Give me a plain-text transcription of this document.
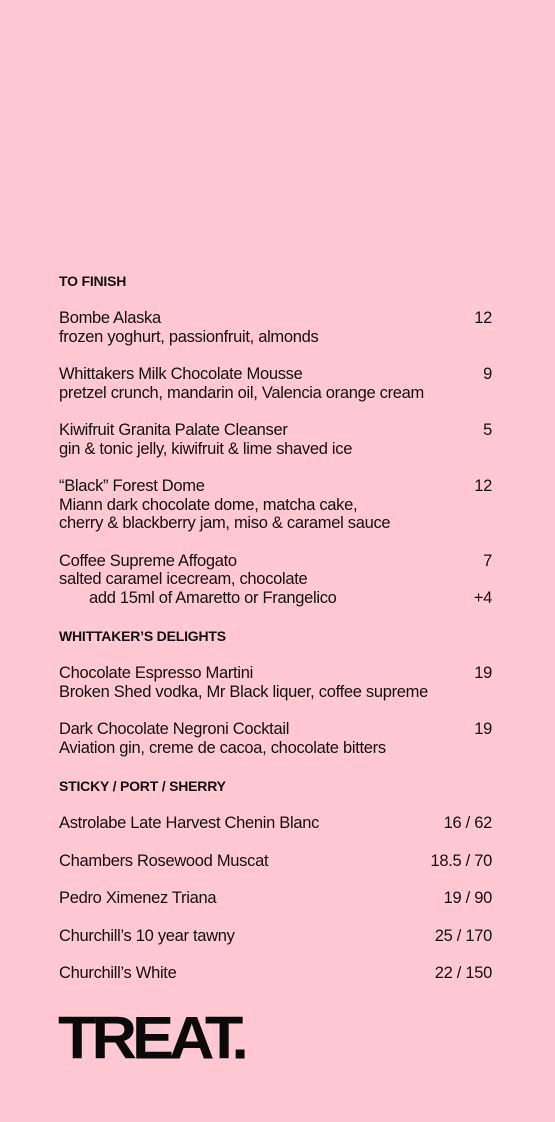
TO FINISH
Bombe Alaska	12
frozen yoghurt, passionfruit, almonds
Whittakers Milk Chocolate Mousse	9
pretzel crunch, mandarin oil, Valencia orange cream
Kiwifruit Granita Palate Cleanser	5
gin & tonic jelly, kiwifruit & lime shaved ice
“Black” Forest Dome	12
Miann dark chocolate dome, matcha cake,
cherry & blackberry jam, miso & caramel sauce
Coffee Supreme Affogato	7
salted caramel icecream, chocolate
add 15ml of Amaretto or Frangelico	+4
WHITTAKER’S DELIGHTS
Chocolate Espresso Martini	19
Broken Shed vodka, Mr Black liquer, coffee supreme
Dark Chocolate Negroni Cocktail	19
Aviation gin, creme de cacoa, chocolate bitters
STICKY / PORT / SHERRY
Astrolabe Late Harvest Chenin Blanc	16 / 62
Chambers Rosewood Muscat	18.5 / 70
Pedro Ximenez Triana	19 / 90
Churchill’s 10 year tawny	25 / 170
Churchill’s White	22 / 150
TREAT.
